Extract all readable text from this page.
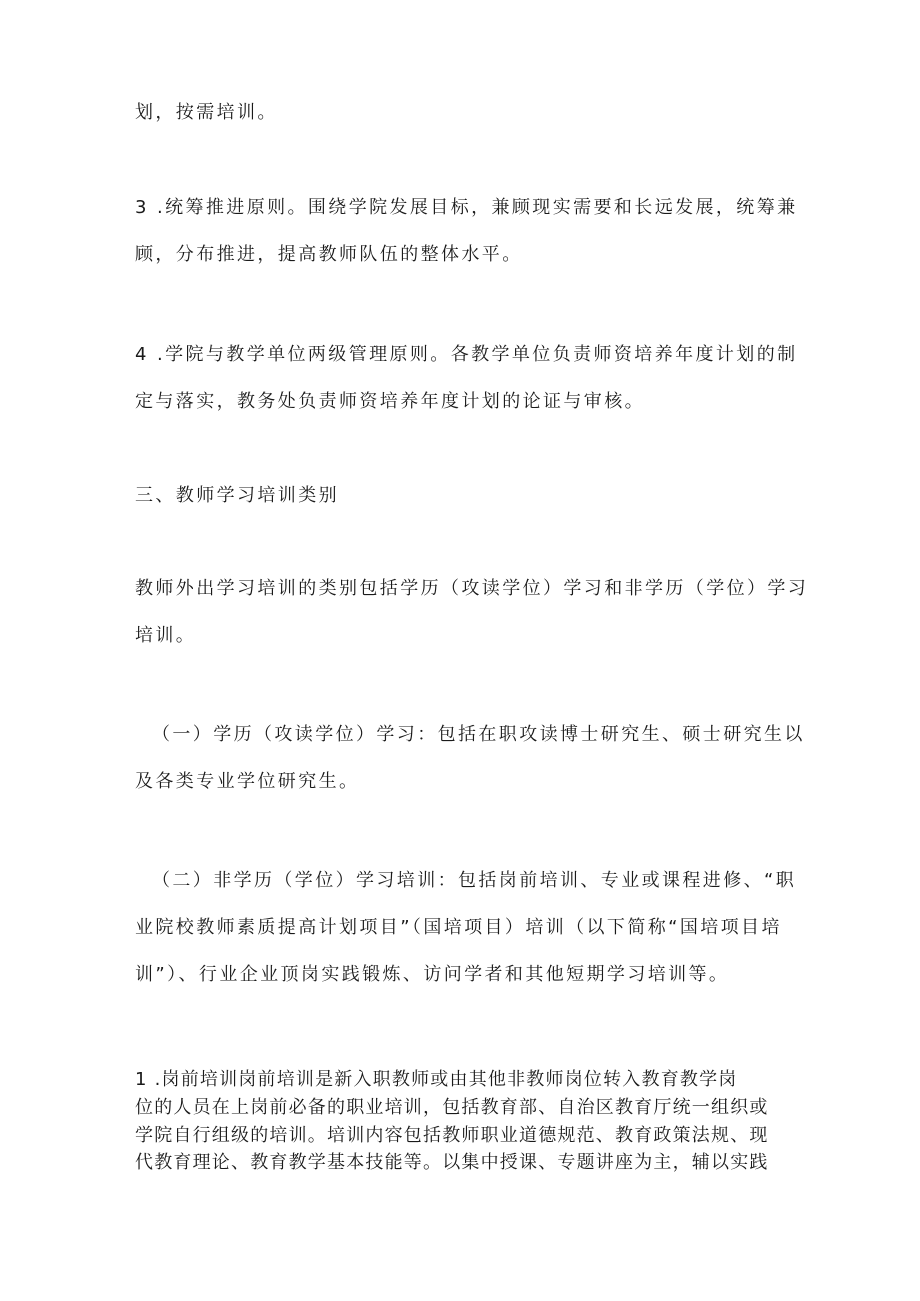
划，按需培训。
3 .统筹推进原则。围绕学院发展目标，兼顾现实需要和长远发展，统筹兼
顾，分布推进，提高教师队伍的整体水平。
4 .学院与教学单位两级管理原则。各教学单位负责师资培养年度计划的制
定与落实，教务处负责师资培养年度计划的论证与审核。
三、教师学习培训类别
教师外出学习培训的类别包括学历（攻读学位）学习和非学历（学位）学习
培训。
（一）学历（攻读学位）学习：包括在职攻读博士研究生、硕士研究生以
及各类专业学位研究生。
（二）非学历（学位）学习培训：包括岗前培训、专业或课程进修、“职
业院校教师素质提高计划项目”（国培项目）培训（以下简称“国培项目培
训”）、行业企业顶岗实践锻炼、访问学者和其他短期学习培训等。
1 .岗前培训岗前培训是新入职教师或由其他非教师岗位转入教育教学岗
位的人员在上岗前必备的职业培训，包括教育部、自治区教育厅统一组织或
学院自行组级的培训。培训内容包括教师职业道德规范、教育政策法规、现
代教育理论、教育教学基本技能等。以集中授课、专题讲座为主，辅以实践
